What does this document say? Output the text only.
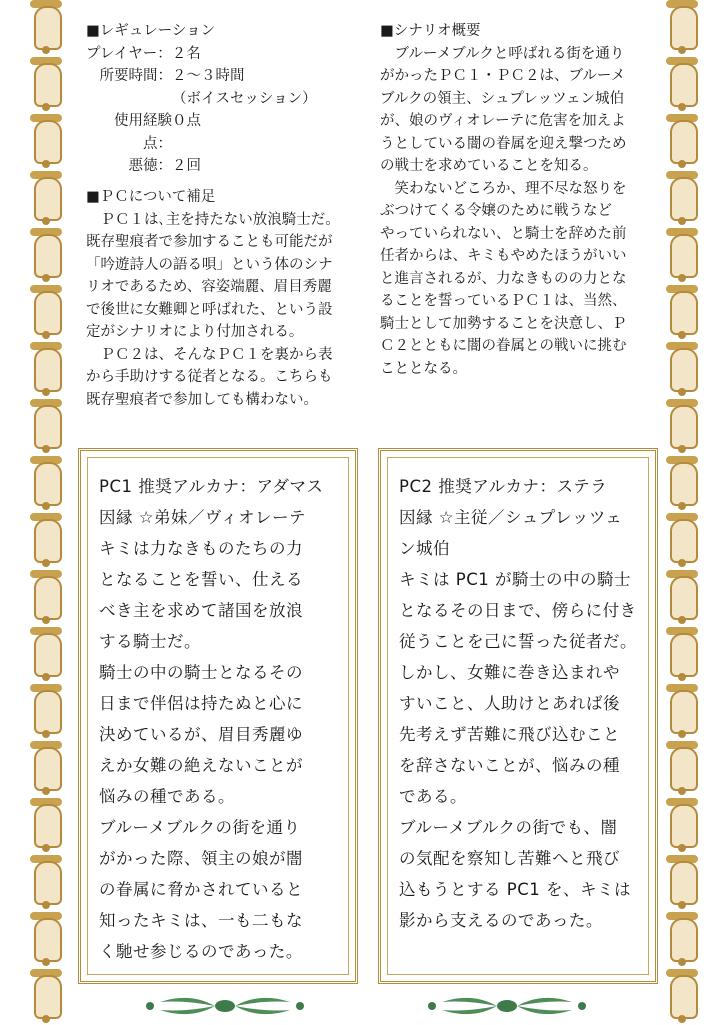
■レギュレーション

プレイヤー： ２名
所要時間： ２〜３時間
（ボイスセッション）
使用経験点：
０点
悪徳： ２回

■ＰＣについて補足

ＰＣ１は､主を持たない放浪騎士だ。

既存聖痕者で参加することも可能だが

「吟遊詩人の語る唄」という体のシナ

リオであるため、容姿端麗、眉目秀麗

で後世に女難卿と呼ばれた、という設

定がシナリオにより付加される。

ＰＣ２は、そんなＰＣ１を裏から表

から手助けする従者となる。こちらも

既存聖痕者で参加しても構わない。

■シナリオ概要

ブルーメブルクと呼ばれる街を通り

がかったＰＣ１・ＰＣ２は、ブルーメ

ブルクの領主、シュプレッツェン城伯

が、娘のヴィオレーテに危害を加えよ

うとしている闇の眷属を迎え撃つため

の戦士を求めていることを知る。

笑わないどころか、理不尽な怒りを

ぶつけてくる令嬢のために戦うなど

やっていられない、と騎士を辞めた前

任者からは、キミもやめたほうがいい

と進言されるが、力なきものの力とな

ることを誓っているＰＣ１は、当然、

騎士として加勢することを決意し、Ｐ

Ｃ２とともに闇の眷属との戦いに挑む

こととなる。

PC1 推奨アルカナ：アダマス

因縁 ☆弟妹／ヴィオレーテ

キミは力なきものたちの力

となることを誓い、仕える

べき主を求めて諸国を放浪

する騎士だ。

騎士の中の騎士となるその

日まで伴侶は持たぬと心に

決めているが、眉目秀麗ゆ

えか女難の絶えないことが

悩みの種である。

ブルーメブルクの街を通り

がかった際、領主の娘が闇

の眷属に脅かされていると

知ったキミは、一も二もな

く馳せ参じるのであった。

PC2 推奨アルカナ：ステラ

因縁 ☆主従／シュプレッツェ

ン城伯

キミは PC1 が騎士の中の騎士

となるその日まで、傍らに付き

従うことを己に誓った従者だ。

しかし、女難に巻き込まれや

すいこと、人助けとあれば後

先考えず苦難に飛び込むこと

を辞さないことが、悩みの種

である。

ブルーメブルクの街でも、闇

の気配を察知し苦難へと飛び

込もうとする PC1 を、キミは

影から支えるのであった。
